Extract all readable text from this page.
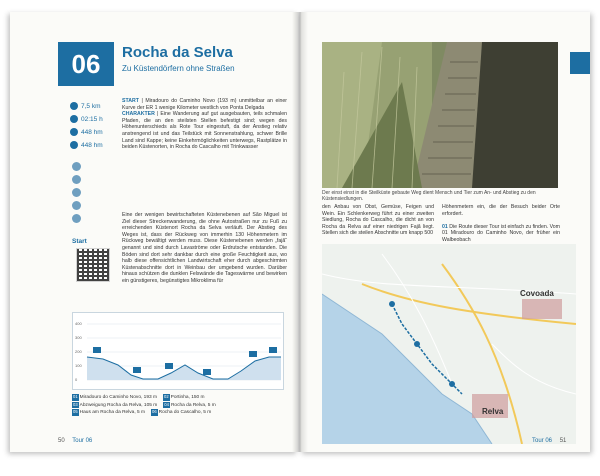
06	Rocha da Selva
Zu Küstendörfern ohne Straßen
7,5 km
02:15 h
448 hm
448 hm
START | Miradouro do Caminho Novo (193 m) unmittelbar an einer Kurve der ER 1 wenige Kilometer westlich von Ponta Delgada
CHARAKTER | Eine Wanderung auf gut ausgebauten, teils schmalen Pfaden, die an den steilsten Stellen befestigt sind; wegen des Höhenunterschieds als Rote Tour eingestuft, da der Anstieg relativ anstrengend ist und das Teilstück mit Sonnenstrahlung, schwer Brille Land sind Kappe; keine Einkehrmöglichkeiten unterwegs, Rastplätze in beiden Küstenorten, in Rocha do Cascalho mit Trinkwasser
Start
Eine der wenigen bewirtschafteten Küstenebenen auf São Miguel ist Ziel dieser Streckenwanderung, die ohne Autostraßen nur zu Fuß zu erreichenden Küstenort Rocha da Selva verläuft. Der Abstieg des Weges ist, dass der Rückweg von immerhin 130 Höhenmetern im Rückweg bewältigt werden muss. Diese Küstenebenen werden „fajã“ genannt und sind durch Lavaströme oder Erdrutsche entstanden. Die Böden sind dort sehr dankbar durch eine große Feuchtigkeit aus, wo halb diese offensichtlichen Landwirtschaft eher durch abgeschirmten Küstenabschnitte dort in Weinbau der umgebend wurden. Darüber hinaus schützen die dunklen Felswände die Tageswärme und bewirken ein günstigeres, begünstigtes Mikroklima für
400
300
200
100
0
01 Miradouro do Caminho Novo, 193 m 02 Portinha, 150 m
03 Abzweigung Rocha da Relva, 105 m 04 Rocha da Relva, 5 m
05 Haus am Rocha da Relva, 5 m 06 Rocha do Cascalho, 5 m
50 Tour 06
Der einst einst in die Steilküste gebaute Weg dient Mensch und Tier zum An- und Abstieg zu den Küstensiedlungen.
den Anbau von Obst, Gemüse, Feigen und Wein. Ein Schlenkerweg führt zu einer zweiten Siedlung, Rocha do Cascalho, die dicht an von Rocha da Relva auf einer niedrigen Fajã liegt. Stellen sich die steilen Abschnitte um knapp 500
Höhenmetern ein, die der Besuch beider Orte erfordert.

01 Die Route dieser Tour ist einfach zu finden. Vom 01 Miradouro do Caminho Novo, der früher ein Walbeobach
Covoada
Relva
Tour 06 51
